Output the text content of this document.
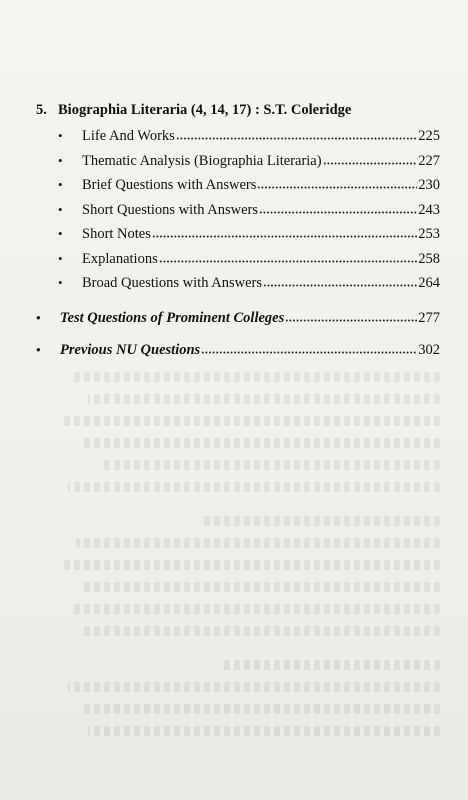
5. Biographia Literaria (4, 14, 17) : S.T. Coleridge
•	Life And Works	225
•	Thematic Analysis (Biographia Literaria)	227
•	Brief Questions with Answers	230
•	Short Questions with Answers	243
•	Short Notes	253
•	Explanations	258
•	Broad Questions with Answers	264
•	Test Questions of Prominent Colleges	277
•	Previous NU Questions	302
